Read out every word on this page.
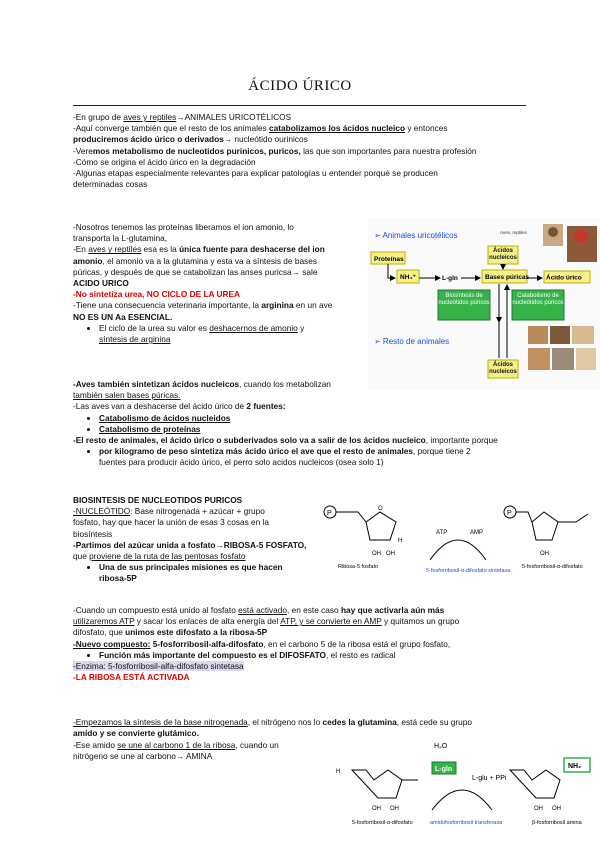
ÁCIDO ÚRICO

-En grupo de aves y reptiles→ANIMALES URICOTÉLICOS

-Aquí converge también que el resto de los animales catabolizamos los ácidos nucleico y entonces

produciremos ácido úrico o derivados→ nucleótido ourinicos

-Veremos metabolismo de nucleotidos purinicos, puricos, las que son importantes para nuestra profesión

-Cómo se origina el ácido úrico en la degradación

-Algunas etapas especialmente relevantes para explicar patologías u entender porqué se producen

determinadas cosas

-Nosotros tenemos las proteínas liberamos el ion amonio, lo

transporta la L-glutamina,

-En aves y reptiles esa es la única fuente para deshacerse del ion

amonio, el amonio va a la glutamina y esta va a síntesis de bases

púricas, y después de que se catabolizan las anses puricsa→ sale

ACIDO URICO

-No sintetiza urea, NO CICLO DE LA UREA

-Tiene una consecuencia veterinaria importante, la arginina en un ave

NO ES UN Aa ESENCIAL.

• El ciclo de la urea su valor es deshacernos de amonio y
síntesis de arginina

-Aves también sintetizan ácidos nucleicos, cuando los metabolizan

también salen bases púricas.

-Las aves van a deshacerse del ácido úrico de 2 fuentes:

• Catabolismo de ácidos nucleidos
• Catabolismo de proteínas

-El resto de animales, el ácido úrico o subderivados solo va a salir de los ácidos nucleico, importante porque

• por kilogramo de peso sintetiza más ácido úrico el ave que el resto de animales, porque tiene 2
fuentes para producir ácido úrico, el perro solo acidos nucleicos (osea solo 1)
➢ Animales uricotélicos	Aves, reptiles
Proteínas
NH₄⁺	L-gln	Bases púricas	Ácido úrico
Ácidos nucleicos
Biosíntesis de nucleótidos púricos
Catabolismo de nucleótidos púricos
➢ Resto de animales
Ácidos nucleicos

BIOSINTESIS DE NUCLEOTIDOS PURICOS

-NUCLEÓTIDO: Base nitrogenada + azúcar + grupo

fosfato, hay que hacer la unión de esas 3 cosas en la

biosíntesis

-Partimos del azúcar unida a fosfato→RIBOSA-5 FOSFATO,

que proviene de la ruta de las pentosas fosfato

• Una de sus principales misiones es que hacen
ribosa-5P

-Cuando un compuesto está unido al fosfato está activado, en este caso hay que activarla aún más

utilizaremos ATP y sacar los enlaces de alta energía del ATP, y se convierte en AMP y quitamos un grupo

difosfato, que unimos este difosfato a la ribosa-5P

-Nuevo compuesto: 5-fosforribosil-alfa-difosfato, en el carbono 5 de la ribosa está el grupo fosfato,

• Función más importante del compuesto es el DIFOSFATO, el resto es radical

-Enzima: 5-fosforribosil-alfa-difosfato sintetasa

-LA RIBOSA ESTÁ ACTIVADA

P
O
OH OH
H
Ribosa-5 fosfato
ATP	AMP
5-fosforribosil-α-difosfato sintetasa
P
OH
5-fosforribosil-α-difosfato

-Empezamos la síntesis de la base nitrogenada, el nitrógeno nos lo cedes la glutamina, está cede su grupo

amido y se convierte glutámico.

-Ese amido se une al carbono 1 de la ribosa, cuando un

nitrógeno se une al carbono→ AMINA

H₂O
L-gln
L-glu + PPi
H
OH OH
5-fosforribosil-α-difosfato	amidofosforribosil transferasa
NH₂
OH OH
β-fosforribosil amina
